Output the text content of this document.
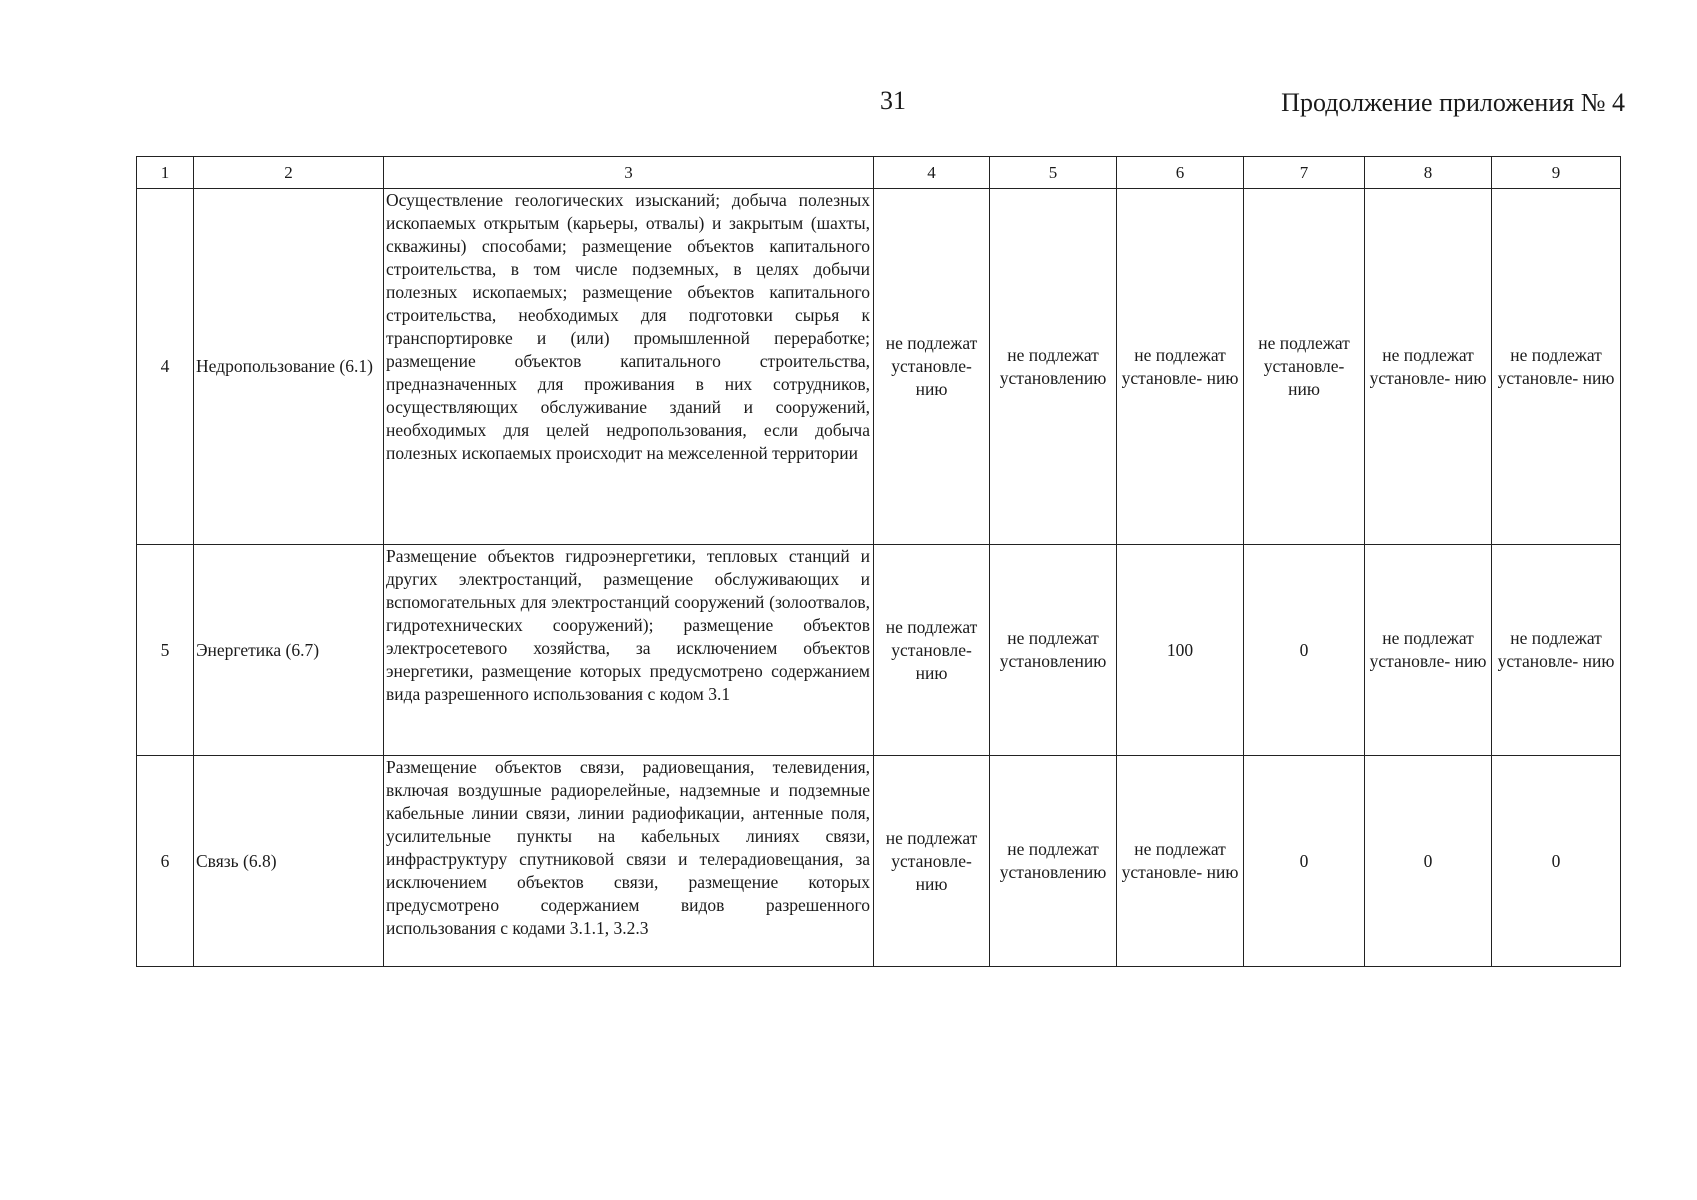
31	Продолжение приложения № 4
1	2	3	4	5	6	7	8	9
4	Недропользование (6.1)	Осуществление геологических изысканий; добыча полезных ископаемых открытым (карьеры, отвалы) и закрытым (шахты, скважины) способами; размещение объектов капитального строительства, в том числе подземных, в целях добычи полезных ископаемых; размещение объектов капитального строительства, необходимых для подготовки сырья к транспортировке и (или) промышленной переработке; размещение объектов капитального строительства, предназначенных для проживания в них сотрудников, осуществляющих обслуживание зданий и сооружений, необходимых для целей недропользования, если добыча полезных ископаемых происходит на межселенной территории	не подлежат установле- нию	не подлежат установлению	не подлежат установле- нию	не подлежат установле- нию	не подлежат установле- нию	не подлежат установле- нию
5	Энергетика (6.7)	Размещение объектов гидроэнергетики, тепловых станций и других электростанций, размещение обслуживающих и вспомогательных для электростанций сооружений (золоотвалов, гидротехнических сооружений); размещение объектов электросетевого хозяйства, за исключением объектов энергетики, размещение которых предусмотрено содержанием вида разрешенного использования с кодом 3.1	не подлежат установле- нию	не подлежат установлению	100	0	не подлежат установле- нию	не подлежат установле- нию
6	Связь (6.8)	Размещение объектов связи, радиовещания, телевидения, включая воздушные радиорелейные, надземные и подземные кабельные линии связи, линии радиофикации, антенные поля, усилительные пункты на кабельных линиях связи, инфраструктуру спутниковой связи и телерадиовещания, за исключением объектов связи, размещение которых предусмотрено содержанием видов разрешенного использования с кодами 3.1.1, 3.2.3	не подлежат установле- нию	не подлежат установлению	не подлежат установле- нию	0	0	0
